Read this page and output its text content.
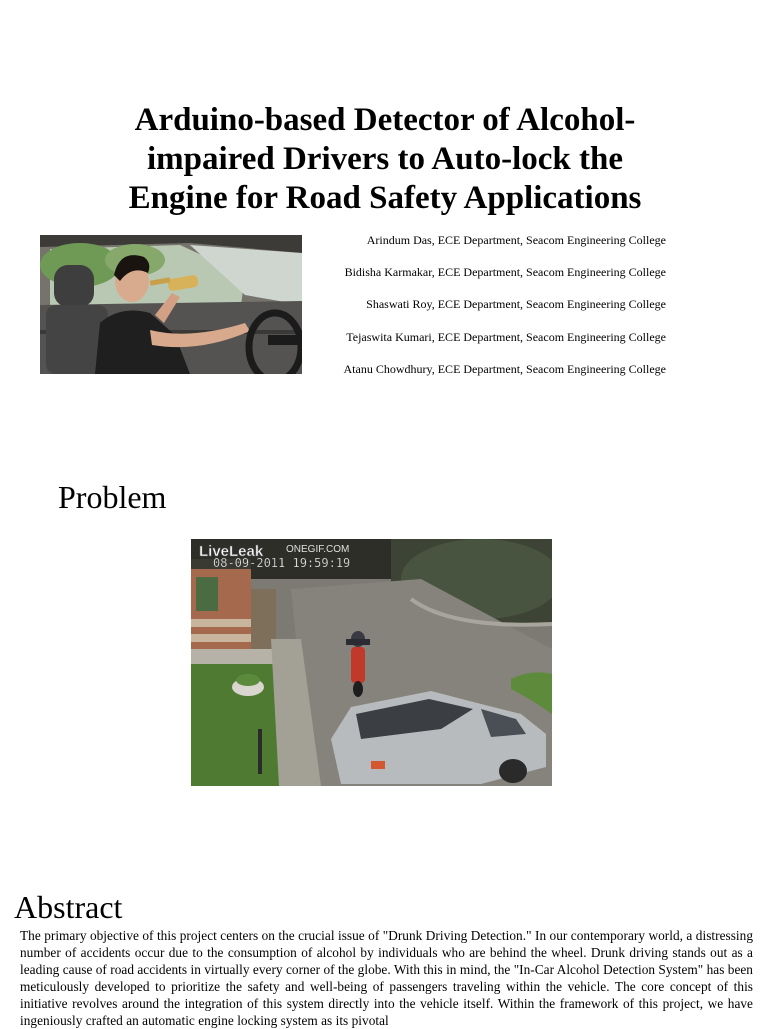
Arduino-based Detector of Alcohol-
impaired Drivers to Auto-lock the
Engine for Road Safety Applications
Arindum Das, ECE Department, Seacom Engineering College
Bidisha Karmakar, ECE Department, Seacom Engineering College
Shaswati Roy, ECE Department, Seacom Engineering College
Tejaswita Kumari, ECE Department, Seacom Engineering College
Atanu Chowdhury, ECE Department, Seacom Engineering College
Problem
LiveLeak ONEGIF.COM
08-09-2011 19:59:19
Abstract

The primary objective of this project centers on the crucial issue of "Drunk Driving Detection." In our contemporary world, a distressing number of accidents occur due to the consumption of alcohol by individuals who are behind the wheel. Drunk driving stands out as a leading cause of road accidents in virtually every corner of the globe. With this in mind, the "In-Car Alcohol Detection System" has been meticulously developed to prioritize the safety and well-being of passengers traveling within the vehicle. The core concept of this initiative revolves around the integration of this system directly into the vehicle itself. Within the framework of this project, we have ingeniously crafted an automatic engine locking system as its pivotal
